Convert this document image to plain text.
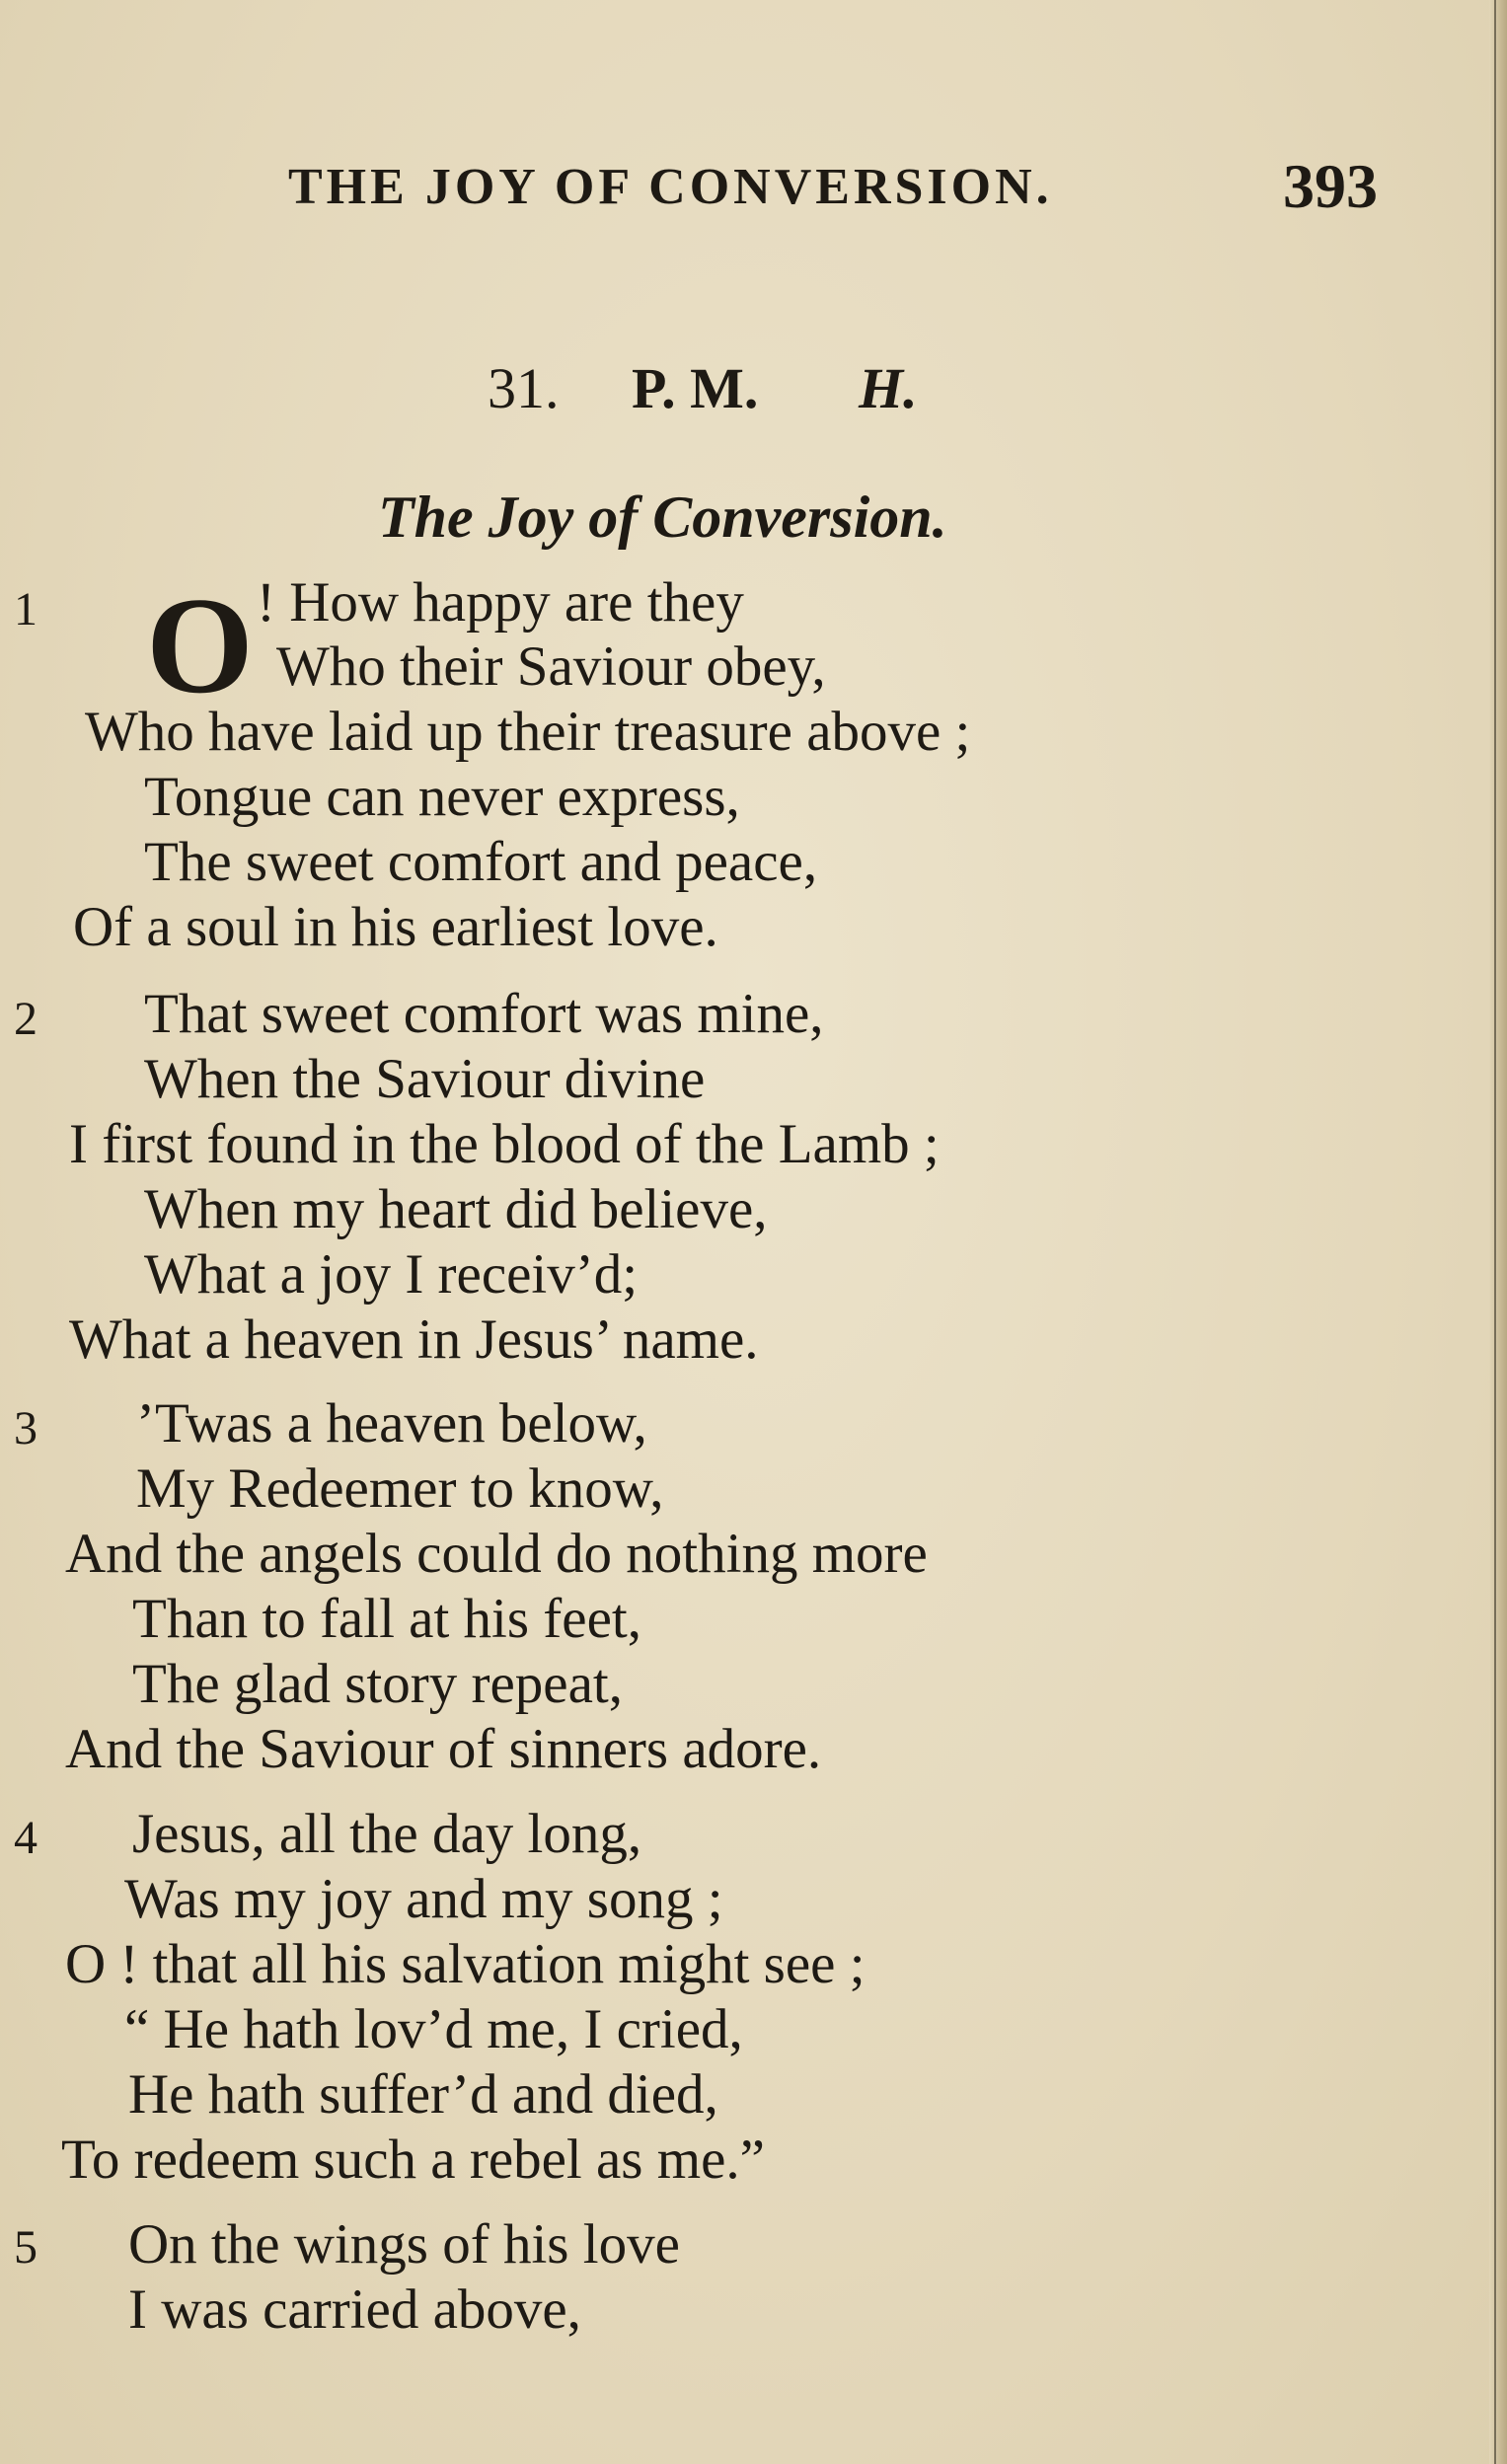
THE JOY OF CONVERSION.	393
31. P. M. H.
The Joy of Conversion.
O
1	! How happy are they
Who their Saviour obey,
Who have laid up their treasure above ;
Tongue can never express,
The sweet comfort and peace,
Of a soul in his earliest love.
2 That sweet comfort was mine,
When the Saviour divine
I first found in the blood of the Lamb ;
When my heart did believe,
What a joy I receiv’d;
What a heaven in Jesus’ name.
3 ’Twas a heaven below,
My Redeemer to know,
And the angels could do nothing more
Than to fall at his feet,
The glad story repeat,
And the Saviour of sinners adore.
4 Jesus, all the day long,
Was my joy and my song ;
O ! that all his salvation might see ;
“ He hath lov’d me, I cried,
He hath suffer’d and died,
To redeem such a rebel as me.”
5 On the wings of his love
I was carried above,
